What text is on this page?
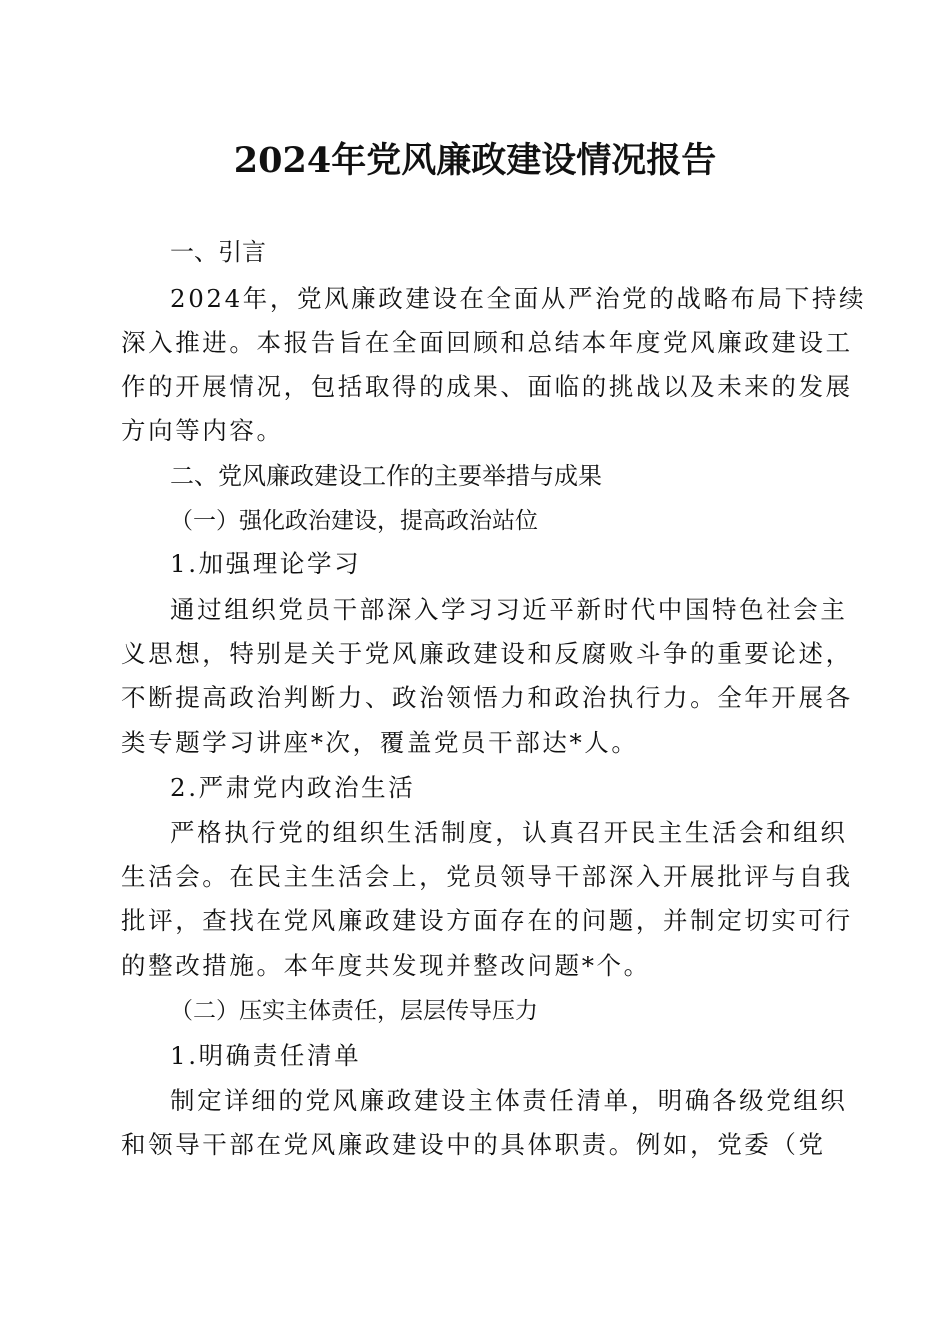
2024年党风廉政建设情况报告
一、引言
2024年，党风廉政建设在全面从严治党的战略布局下持续
深入推进。本报告旨在全面回顾和总结本年度党风廉政建设工
作的开展情况，包括取得的成果、面临的挑战以及未来的发展
方向等内容。
二、党风廉政建设工作的主要举措与成果
（一）强化政治建设，提高政治站位
1.加强理论学习
通过组织党员干部深入学习习近平新时代中国特色社会主
义思想，特别是关于党风廉政建设和反腐败斗争的重要论述，
不断提高政治判断力、政治领悟力和政治执行力。全年开展各
类专题学习讲座*次，覆盖党员干部达*人。
2.严肃党内政治生活
严格执行党的组织生活制度，认真召开民主生活会和组织
生活会。在民主生活会上，党员领导干部深入开展批评与自我
批评，查找在党风廉政建设方面存在的问题，并制定切实可行
的整改措施。本年度共发现并整改问题*个。
（二）压实主体责任，层层传导压力
1.明确责任清单
制定详细的党风廉政建设主体责任清单，明确各级党组织
和领导干部在党风廉政建设中的具体职责。例如，党委（党
